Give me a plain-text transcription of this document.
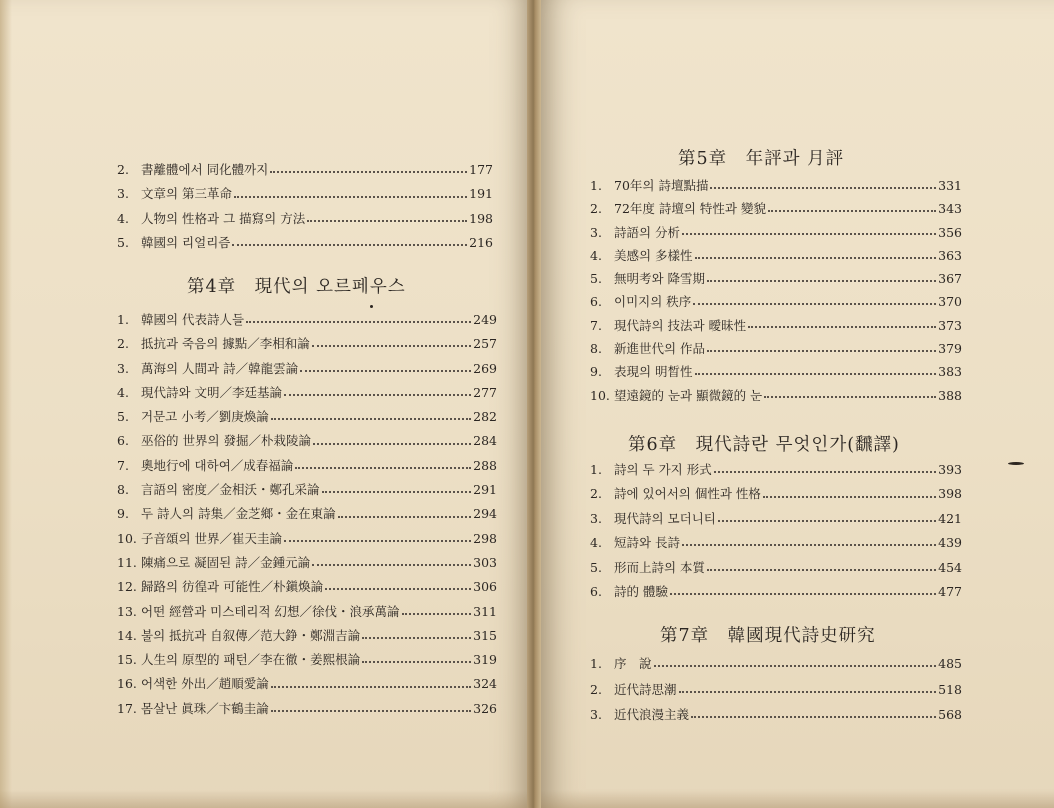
2. 書離體에서 同化體까지	177
3. 文章의 第三革命	191
4. 人物의 性格과 그 描寫의 方法	198
5. 韓國의 리얼리즘	216
第4章　現代의 오르페우스
1. 韓國의 代表詩人들	249
2. 抵抗과 죽음의 據點／李相和論	257
3. 萬海의 人間과 詩／韓龍雲論	269
4. 現代詩와 文明／李廷基論	277
5. 거문고 小考／劉庚煥論	282
6. 巫俗的 世界의 發掘／朴栽陵論	284
7. 奧地行에 대하여／成春福論	288
8. 言語의 密度／金相沃・鄭孔采論	291
9. 두 詩人의 詩集／金芝鄉・金在東論	294
10. 子音頌의 世界／崔天圭論	298
11. 陳痛으로 凝固된 詩／金鍾元論	303
12. 歸路의 彷徨과 可能性／朴鎭煥論	306
13. 어떤 經營과 미스테리적 幻想／徐伐・浪承萬論	311
14. 불의 抵抗과 自叙傳／范大錚・鄭淵吉論	315
15. 人生의 原型的 패턴／李在徹・姜熙根論	319
16. 어색한 外出／趙順愛論	324
17. 몸살난 眞珠／卞鶴圭論	326
第5章　年評과 月評
1. 70年의 詩壇點描	331
2. 72年度 詩壇의 特性과 變貌	343
3. 詩語의 分析	356
4. 美感의 多樣性	363
5. 無明考와 降雪期	367
6. 이미지의 秩序	370
7. 現代詩의 技法과 曖昧性	373
8. 新進世代의 作品	379
9. 表現의 明晳性	383
10. 望遠鏡的 눈과 顯微鏡的 눈	388
第6章　現代詩란 무엇인가(飜譯)
1. 詩의 두 가지 形式	393
2. 詩에 있어서의 個性과 性格	398
3. 現代詩의 모더니티	421
4. 短詩와 長詩	439
5. 形而上詩의 本質	454
6. 詩的 體驗	477
第7章　韓國現代詩史研究
1. 序　說	485
2. 近代詩思潮	518
3. 近代浪漫主義	568
